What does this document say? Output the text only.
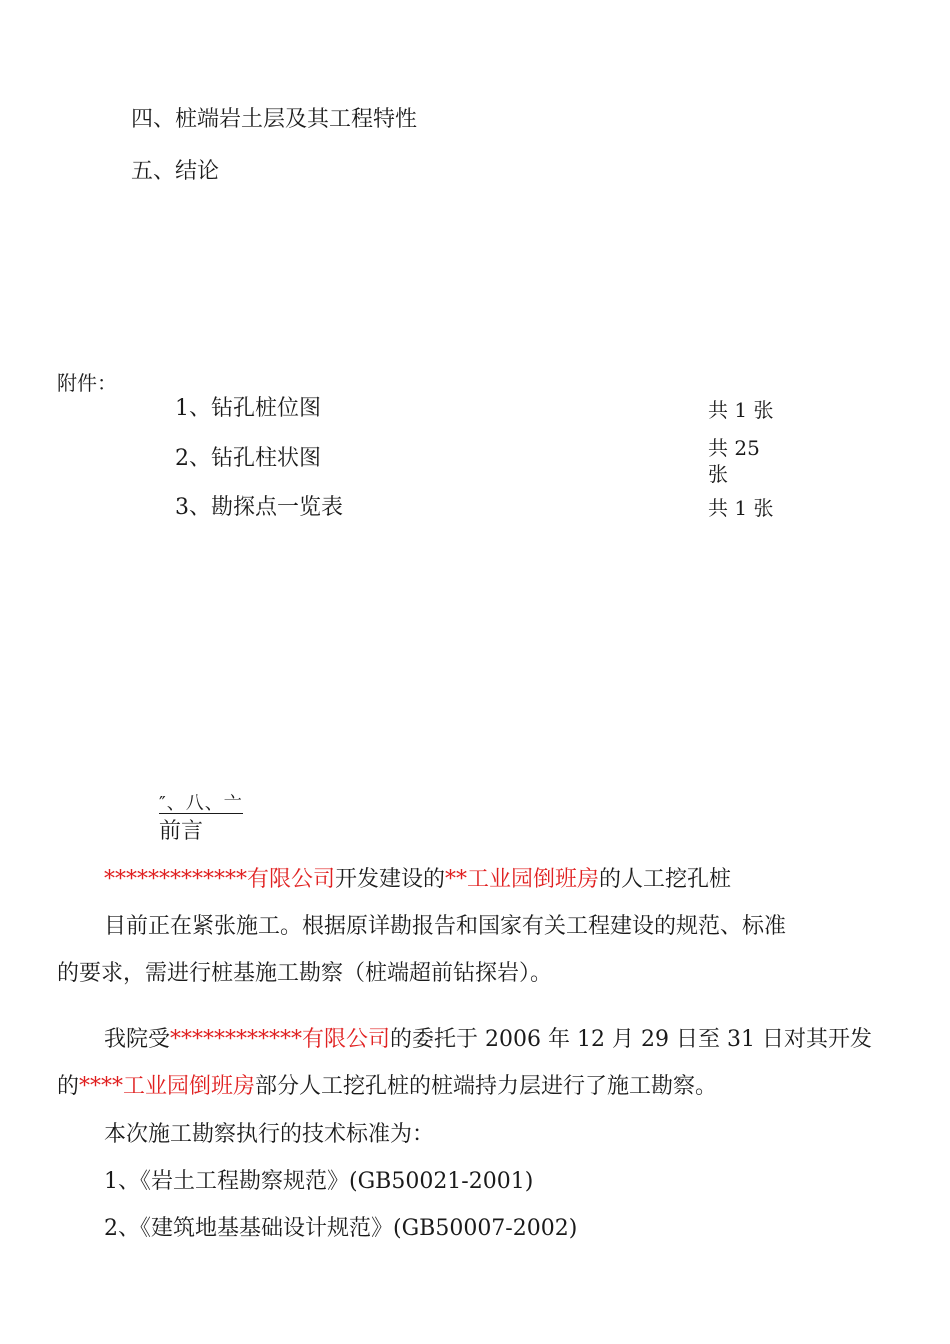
四、桩端岩土层及其工程特性
五、结论
附件：
1、钻孔桩位图	共 1 张
2、钻孔柱状图	共 25
张
3、勘探点一览表	共 1 张
″、八、亠
前言
*************有限公司开发建设的**工业园倒班房的人工挖孔桩
目前正在紧张施工。根据原详勘报告和国家有关工程建设的规范、标准
的要求，需进行桩基施工勘察（桩端超前钻探岩）。
我院受************有限公司的委托于 2006 年 12 月 29 日至 31 日对其开发
的****工业园倒班房部分人工挖孔桩的桩端持力层进行了施工勘察。
本次施工勘察执行的技术标准为：
1、《岩土工程勘察规范》(GB50021-2001)
2、《建筑地基基础设计规范》(GB50007-2002)
